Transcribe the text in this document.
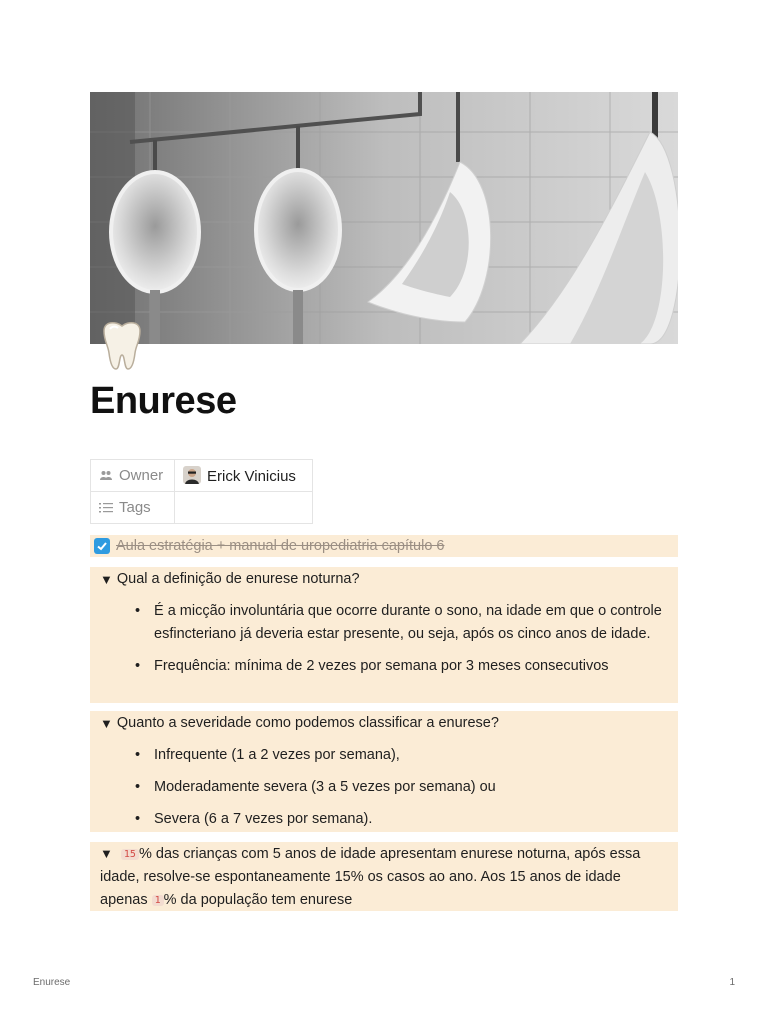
Enurese
Owner	Erick Vinicius
Tags	
Aula estratégia + manual de uropediatria capítulo 6
▼ Qual a definição de enurese noturna?
• É a micção involuntária que ocorre durante o sono, na idade em que o controle esfincteriano já deveria estar presente, ou seja, após os cinco anos de idade.
• Frequência: mínima de 2 vezes por semana por 3 meses consecutivos
▼ Quanto a severidade como podemos classificar a enurese?
• Infrequente (1 a 2 vezes por semana),
• Moderadamente severa (3 a 5 vezes por semana) ou
• Severa (6 a 7 vezes por semana).
▼ 15 % das crianças com 5 anos de idade apresentam enurese noturna, após essa idade, resolve-se espontaneamente 15% os casos ao ano. Aos 15 anos de idade apenas 1 % da população tem enurese
Enurese	1
